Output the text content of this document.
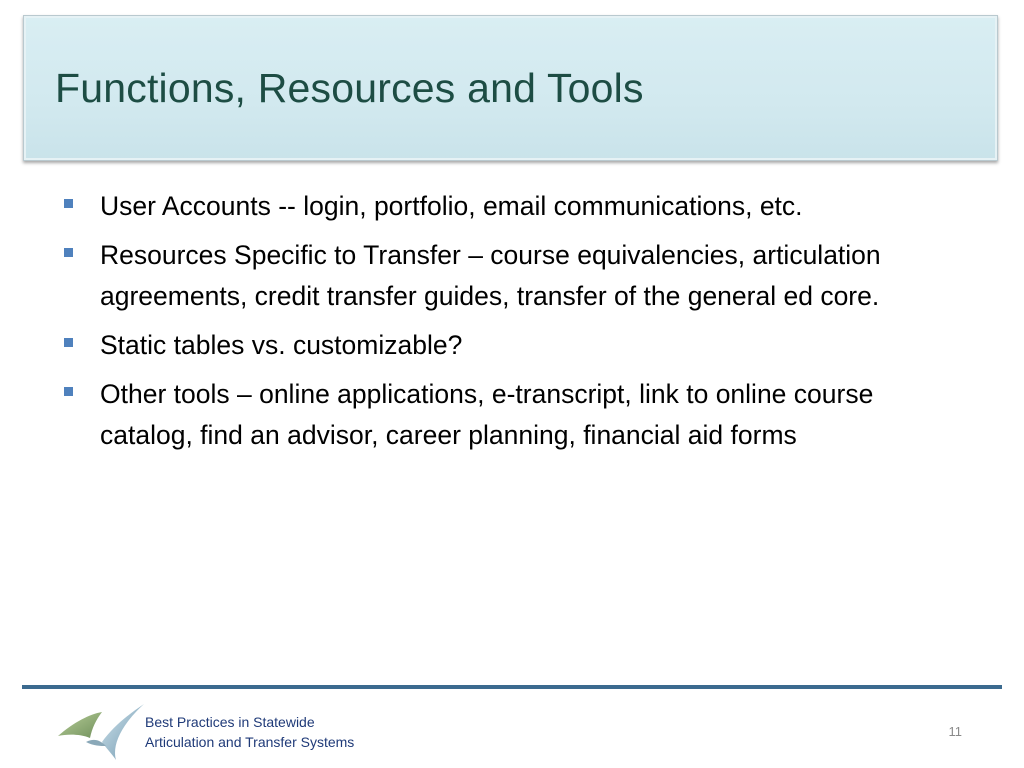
Functions, Resources and Tools
User Accounts -- login, portfolio, email communications, etc.
Resources Specific to Transfer – course equivalencies, articulation agreements, credit transfer guides, transfer of the general ed core.
Static tables vs. customizable?
Other tools – online applications, e-transcript, link to online course catalog, find an advisor, career planning, financial aid forms
Best Practices in Statewide
Articulation and Transfer Systems
11
